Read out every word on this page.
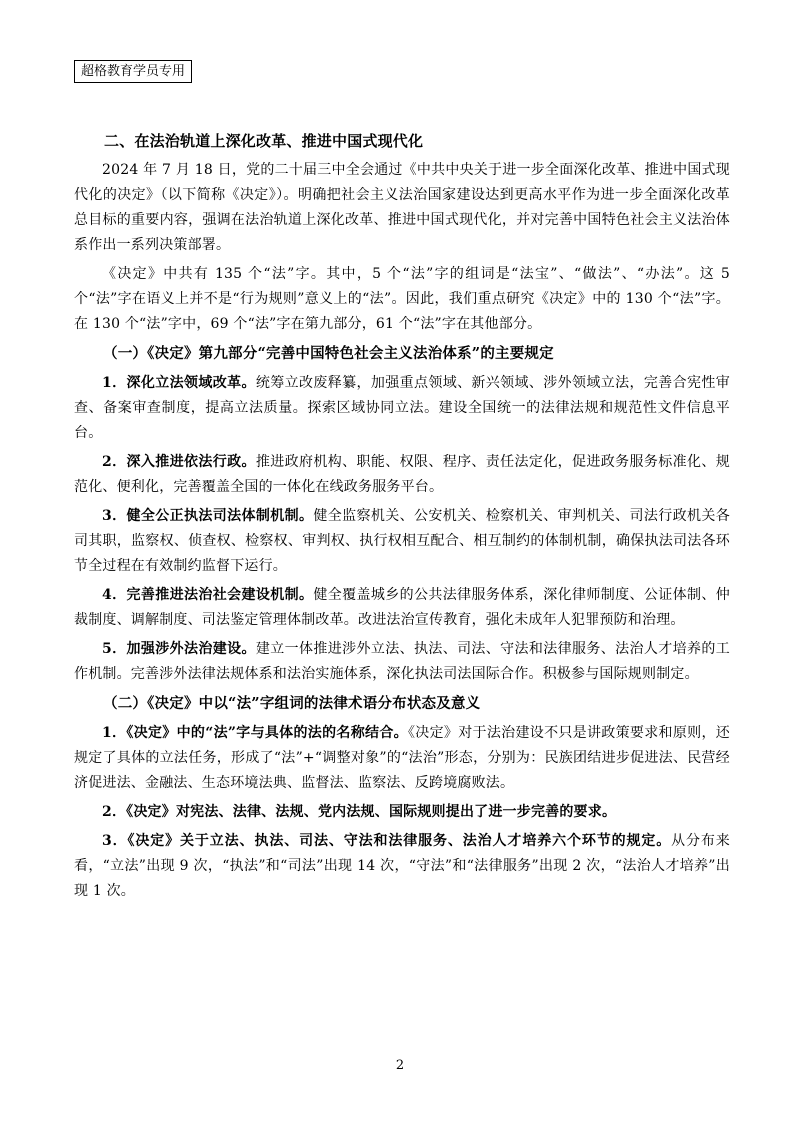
超格教育学员专用

二、在法治轨道上深化改革、推进中国式现代化

2024 年 7 月 18 日，党的二十届三中全会通过《中共中央关于进一步全面深化改革、推进中国式现代化的决定》（以下简称《决定》）。明确把社会主义法治国家建设达到更高水平作为进一步全面深化改革总目标的重要内容，强调在法治轨道上深化改革、推进中国式现代化，并对完善中国特色社会主义法治体系作出一系列决策部署。

《决定》中共有 135 个“法”字。其中，5 个“法”字的组词是“法宝”、“做法”、“办法”。这 5 个“法”字在语义上并不是“行为规则”意义上的“法”。因此，我们重点研究《决定》中的 130 个“法”字。在 130 个“法”字中，69 个“法”字在第九部分，61 个“法”字在其他部分。

（一）《决定》第九部分“完善中国特色社会主义法治体系”的主要规定

1．深化立法领域改革。统筹立改废释纂，加强重点领域、新兴领域、涉外领域立法，完善合宪性审查、备案审查制度，提高立法质量。探索区域协同立法。建设全国统一的法律法规和规范性文件信息平台。

2．深入推进依法行政。推进政府机构、职能、权限、程序、责任法定化，促进政务服务标准化、规范化、便利化，完善覆盖全国的一体化在线政务服务平台。

3．健全公正执法司法体制机制。健全监察机关、公安机关、检察机关、审判机关、司法行政机关各司其职，监察权、侦查权、检察权、审判权、执行权相互配合、相互制约的体制机制，确保执法司法各环节全过程在有效制约监督下运行。

4．完善推进法治社会建设机制。健全覆盖城乡的公共法律服务体系，深化律师制度、公证体制、仲裁制度、调解制度、司法鉴定管理体制改革。改进法治宣传教育，强化未成年人犯罪预防和治理。

5．加强涉外法治建设。建立一体推进涉外立法、执法、司法、守法和法律服务、法治人才培养的工作机制。完善涉外法律法规体系和法治实施体系，深化执法司法国际合作。积极参与国际规则制定。

（二）《决定》中以“法”字组词的法律术语分布状态及意义

1．《决定》中的“法”字与具体的法的名称结合。《决定》对于法治建设不只是讲政策要求和原则，还规定了具体的立法任务，形成了“法”+“调整对象”的“法治”形态，分别为：民族团结进步促进法、民营经济促进法、金融法、生态环境法典、监督法、监察法、反跨境腐败法。

2．《决定》对宪法、法律、法规、党内法规、国际规则提出了进一步完善的要求。

3．《决定》关于立法、执法、司法、守法和法律服务、法治人才培养六个环节的规定。从分布来看，“立法”出现 9 次，“执法”和“司法”出现 14 次，“守法”和“法律服务”出现 2 次，“法治人才培养”出现 1 次。

2
